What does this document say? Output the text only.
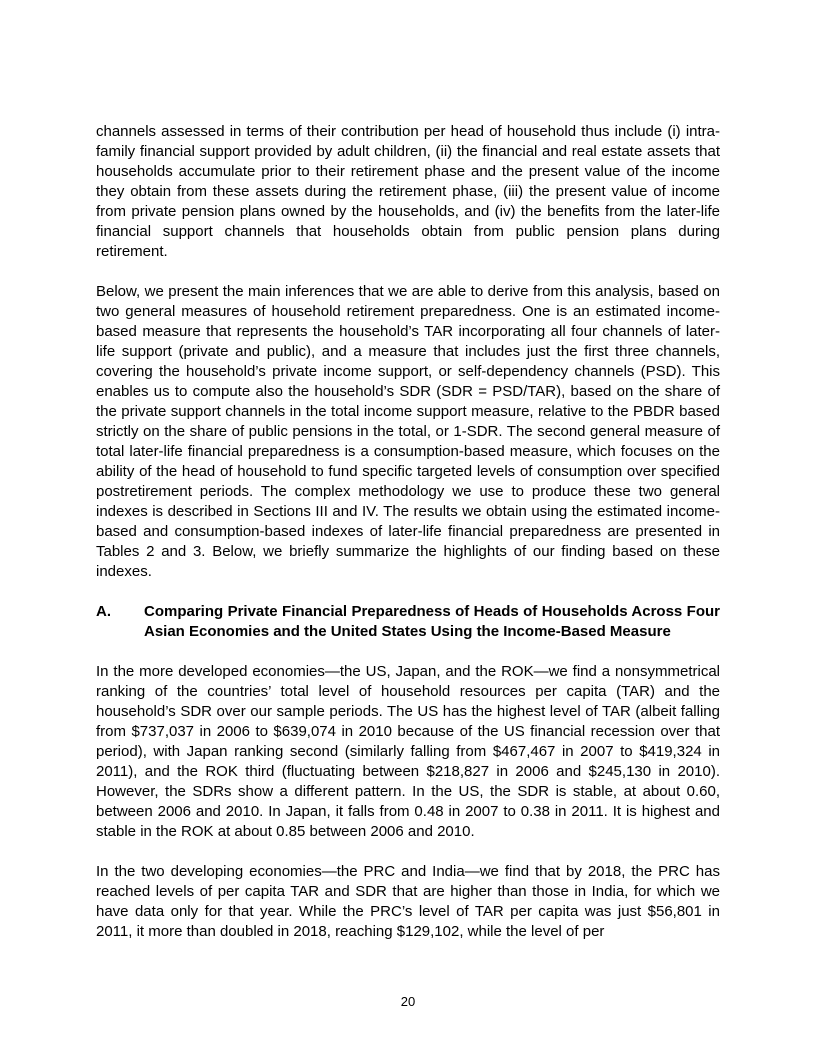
channels assessed in terms of their contribution per head of household thus include (i) intra-family financial support provided by adult children, (ii) the financial and real estate assets that households accumulate prior to their retirement phase and the present value of the income they obtain from these assets during the retirement phase, (iii) the present value of income from private pension plans owned by the households, and (iv) the benefits from the later-life financial support channels that households obtain from public pension plans during retirement.

Below, we present the main inferences that we are able to derive from this analysis, based on two general measures of household retirement preparedness. One is an estimated income-based measure that represents the household’s TAR incorporating all four channels of later-life support (private and public), and a measure that includes just the first three channels, covering the household’s private income support, or self-dependency channels (PSD). This enables us to compute also the household’s SDR (SDR = PSD/TAR), based on the share of the private support channels in the total income support measure, relative to the PBDR based strictly on the share of public pensions in the total, or 1-SDR. The second general measure of total later-life financial preparedness is a consumption-based measure, which focuses on the ability of the head of household to fund specific targeted levels of consumption over specified postretirement periods. The complex methodology we use to produce these two general indexes is described in Sections III and IV. The results we obtain using the estimated income-based and consumption-based indexes of later-life financial preparedness are presented in Tables 2 and 3. Below, we briefly summarize the highlights of our finding based on these indexes.

A.	Comparing Private Financial Preparedness of Heads of Households Across Four Asian Economies and the United States Using the Income-Based Measure

In the more developed economies—the US, Japan, and the ROK—we find a nonsymmetrical ranking of the countries’ total level of household resources per capita (TAR) and the household’s SDR over our sample periods. The US has the highest level of TAR (albeit falling from $737,037 in 2006 to $639,074 in 2010 because of the US financial recession over that period), with Japan ranking second (similarly falling from $467,467 in 2007 to $419,324 in 2011), and the ROK third (fluctuating between $218,827 in 2006 and $245,130 in 2010). However, the SDRs show a different pattern. In the US, the SDR is stable, at about 0.60, between 2006 and 2010. In Japan, it falls from 0.48 in 2007 to 0.38 in 2011. It is highest and stable in the ROK at about 0.85 between 2006 and 2010.

In the two developing economies—the PRC and India—we find that by 2018, the PRC has reached levels of per capita TAR and SDR that are higher than those in India, for which we have data only for that year. While the PRC’s level of TAR per capita was just $56,801 in 2011, it more than doubled in 2018, reaching $129,102, while the level of per

20
